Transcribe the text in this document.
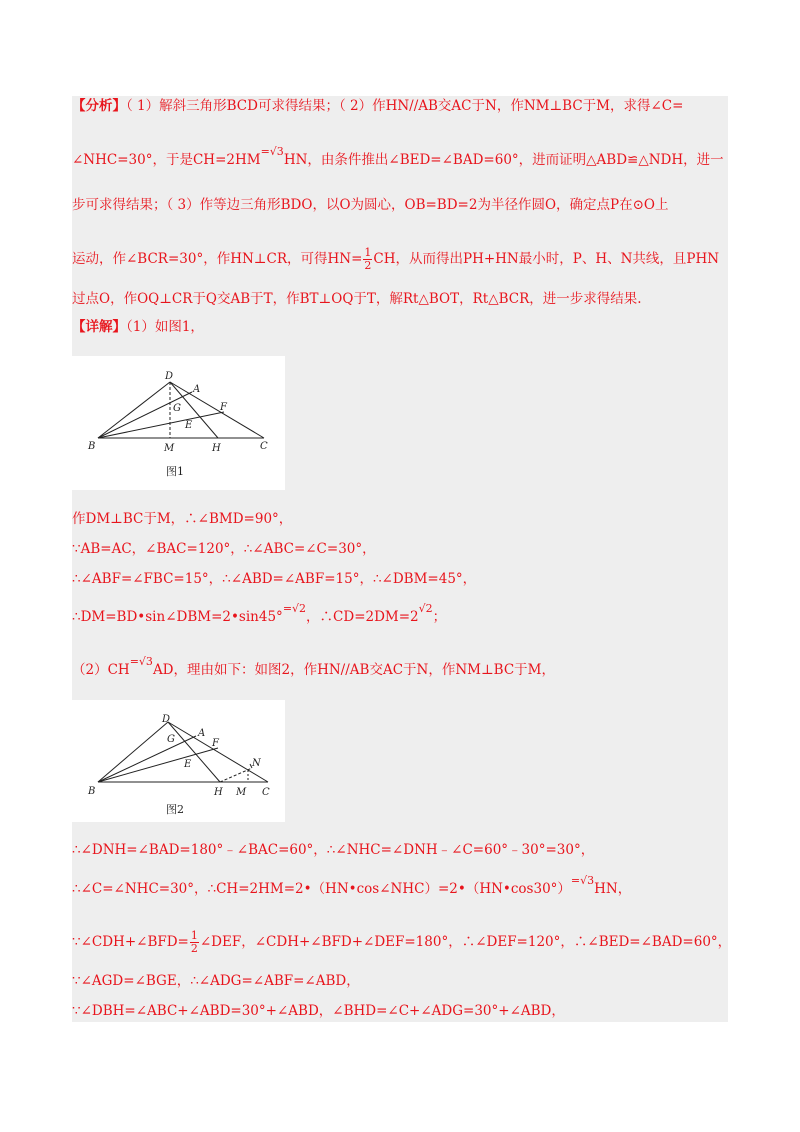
【分析】（ 1）解斜三角形BCD可求得结果；（ 2）作HN//AB交AC于N，作NM⊥BC于M，求得∠C=
∠NHC=30°，于是$CH=2HM^{=√3}HN$，由条件推出∠BED=∠BAD=60°，进而证明△ABD≌△NDH，进一
步可求得结果；（ 3）作等边三角形BDO，以O为圆心，OB=BD=2为半径作圆O，确定点P在⊙O上
运动，作∠BCR=30°，作HN⊥CR，可得$HN= \frac{1}{2}$ CH，从而得出PH+HN最小时，P、H、N共线，且PHN
过点O，作OQ⊥CR于Q交AB于T，作BT⊥OQ于T，解Rt△BOT，Rt△BCR，进一步求得结果.
【详解】（1）如图1，
D
A
G	F
E
B	M	H	C
图1
作DM⊥BC于M，∴∠BMD=90°，
∵AB=AC，∠BAC=120°，∴∠ABC=∠C=30°，
∴∠ABF=∠FBC=15°，∴∠ABD=∠ABF=15°，∴∠DBM=45°，
∴DM=BD•sin∠DBM=2•sin45°$^{=√2}$，$\therefore CD=2DM=2^{√2}$；
$(2)CH^{=√3}AD$，理由如下：如图2，作HN//AB交AC于N，作NM⊥BC于M，
D
G
A
F
E	N
B	H M C
图2
∴∠DNH=∠BAD=180°﹣∠BAC=60°，∴∠NHC=∠DNH﹣∠C=60°﹣30°=30°，
∴∠C=∠NHC=30°，∴CH=2HM=2•（HN•cos∠NHC）=2•（HN•cos30°）$^{=√3}$HN，
∵∠CDH+∠BFD= $\frac{1}{2}$ ∠DEF，∠CDH+∠BFD+∠DEF=180°，∴∠DEF=120°，∴∠BED=∠BAD=60°，
∵∠AGD=∠BGE，∴∠ADG=∠ABF=∠ABD，
∵∠DBH=∠ABC+∠ABD=30°+∠ABD，∠BHD=∠C+∠ADG=30°+∠ABD，
